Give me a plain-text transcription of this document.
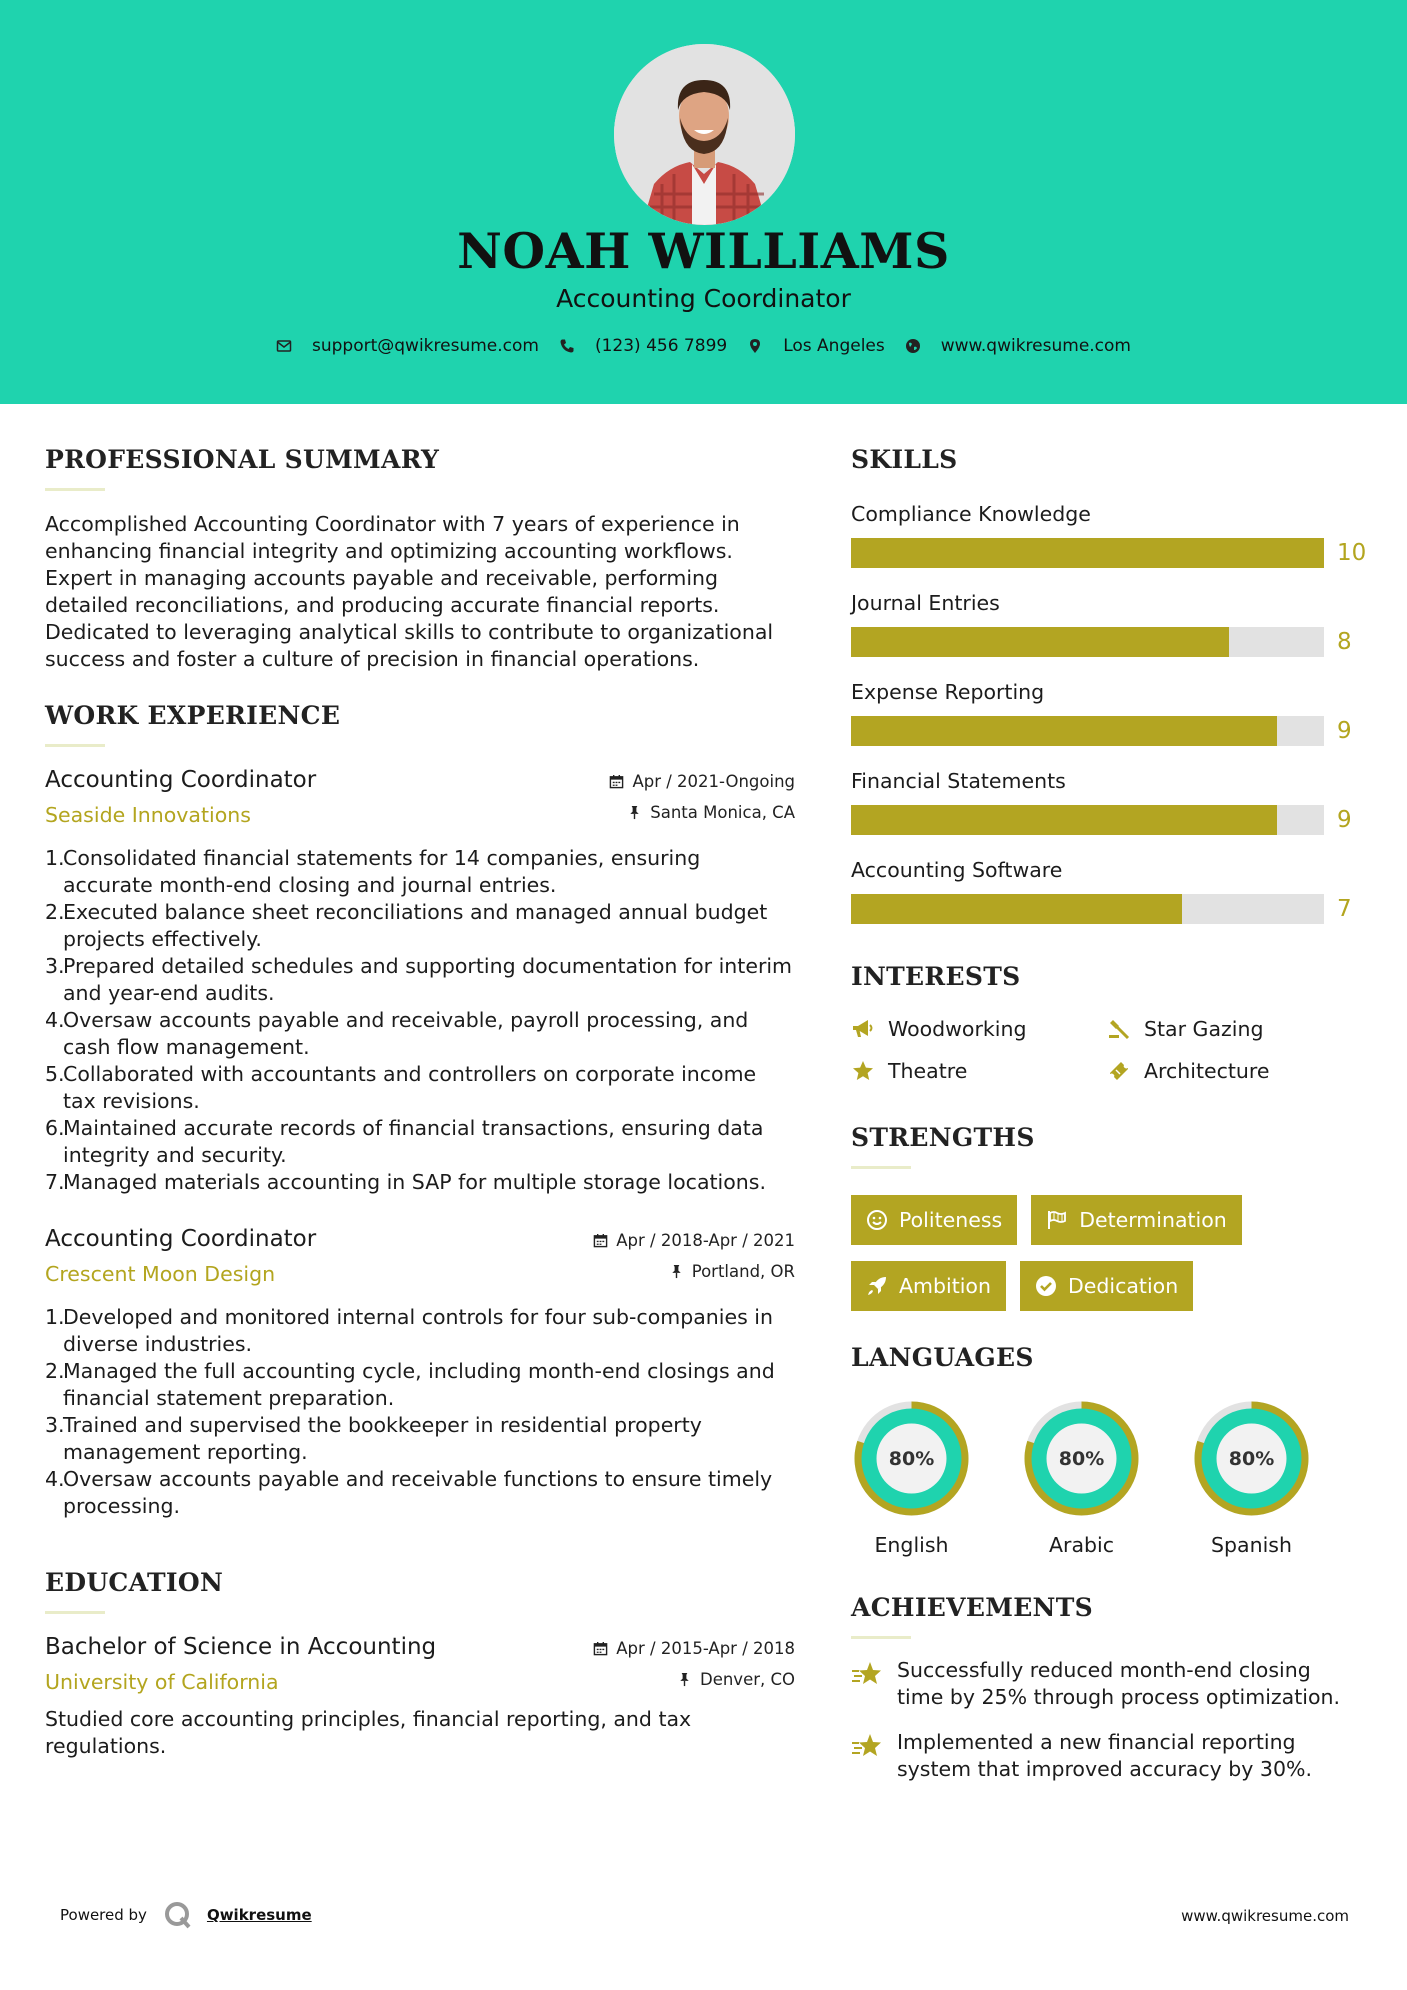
NOAH WILLIAMS
Accounting Coordinator
support@qwikresume.com	(123) 456 7899	Los Angeles	www.qwikresume.com
PROFESSIONAL SUMMARY

Accomplished Accounting Coordinator with 7 years of experience in enhancing financial integrity and optimizing accounting workflows. Expert in managing accounts payable and receivable, performing detailed reconciliations, and producing accurate financial reports. Dedicated to leveraging analytical skills to contribute to organizational success and foster a culture of precision in financial operations.

WORK EXPERIENCE
Accounting Coordinator
Seaside Innovations
Apr / 2021-Ongoing
Santa Monica, CA
1.
Consolidated financial statements for 14 companies, ensuring accurate month-end closing and journal entries.
2.
Executed balance sheet reconciliations and managed annual budget projects effectively.
3.
Prepared detailed schedules and supporting documentation for interim and year-end audits.
4.
Oversaw accounts payable and receivable, payroll processing, and cash flow management.
5.
Collaborated with accountants and controllers on corporate income tax revisions.
6.
Maintained accurate records of financial transactions, ensuring data integrity and security.
7.
Managed materials accounting in SAP for multiple storage locations.
Accounting Coordinator
Crescent Moon Design
Apr / 2018-Apr / 2021
Portland, OR
1.
Developed and monitored internal controls for four sub-companies in diverse industries.
2.
Managed the full accounting cycle, including month-end closings and financial statement preparation.
3.
Trained and supervised the bookkeeper in residential property management reporting.
4.
Oversaw accounts payable and receivable functions to ensure timely processing.
EDUCATION
Bachelor of Science in Accounting
University of California
Apr / 2015-Apr / 2018
Denver, CO

Studied core accounting principles, financial reporting, and tax regulations.

SKILLS
Compliance Knowledge
10
Journal Entries
8
Expense Reporting
9
Financial Statements
9
Accounting Software
7
INTERESTS
Woodworking	Star Gazing
Theatre	Architecture
STRENGTHS
Politeness	Determination
Ambition	Dedication
LANGUAGES
80%
English
80%
Arabic
80%
Spanish
ACHIEVEMENTS
Successfully reduced month-end closing time by 25% through process optimization.
Implemented a new financial reporting system that improved accuracy by 30%.
Powered by	Qwikresume	www.qwikresume.com
